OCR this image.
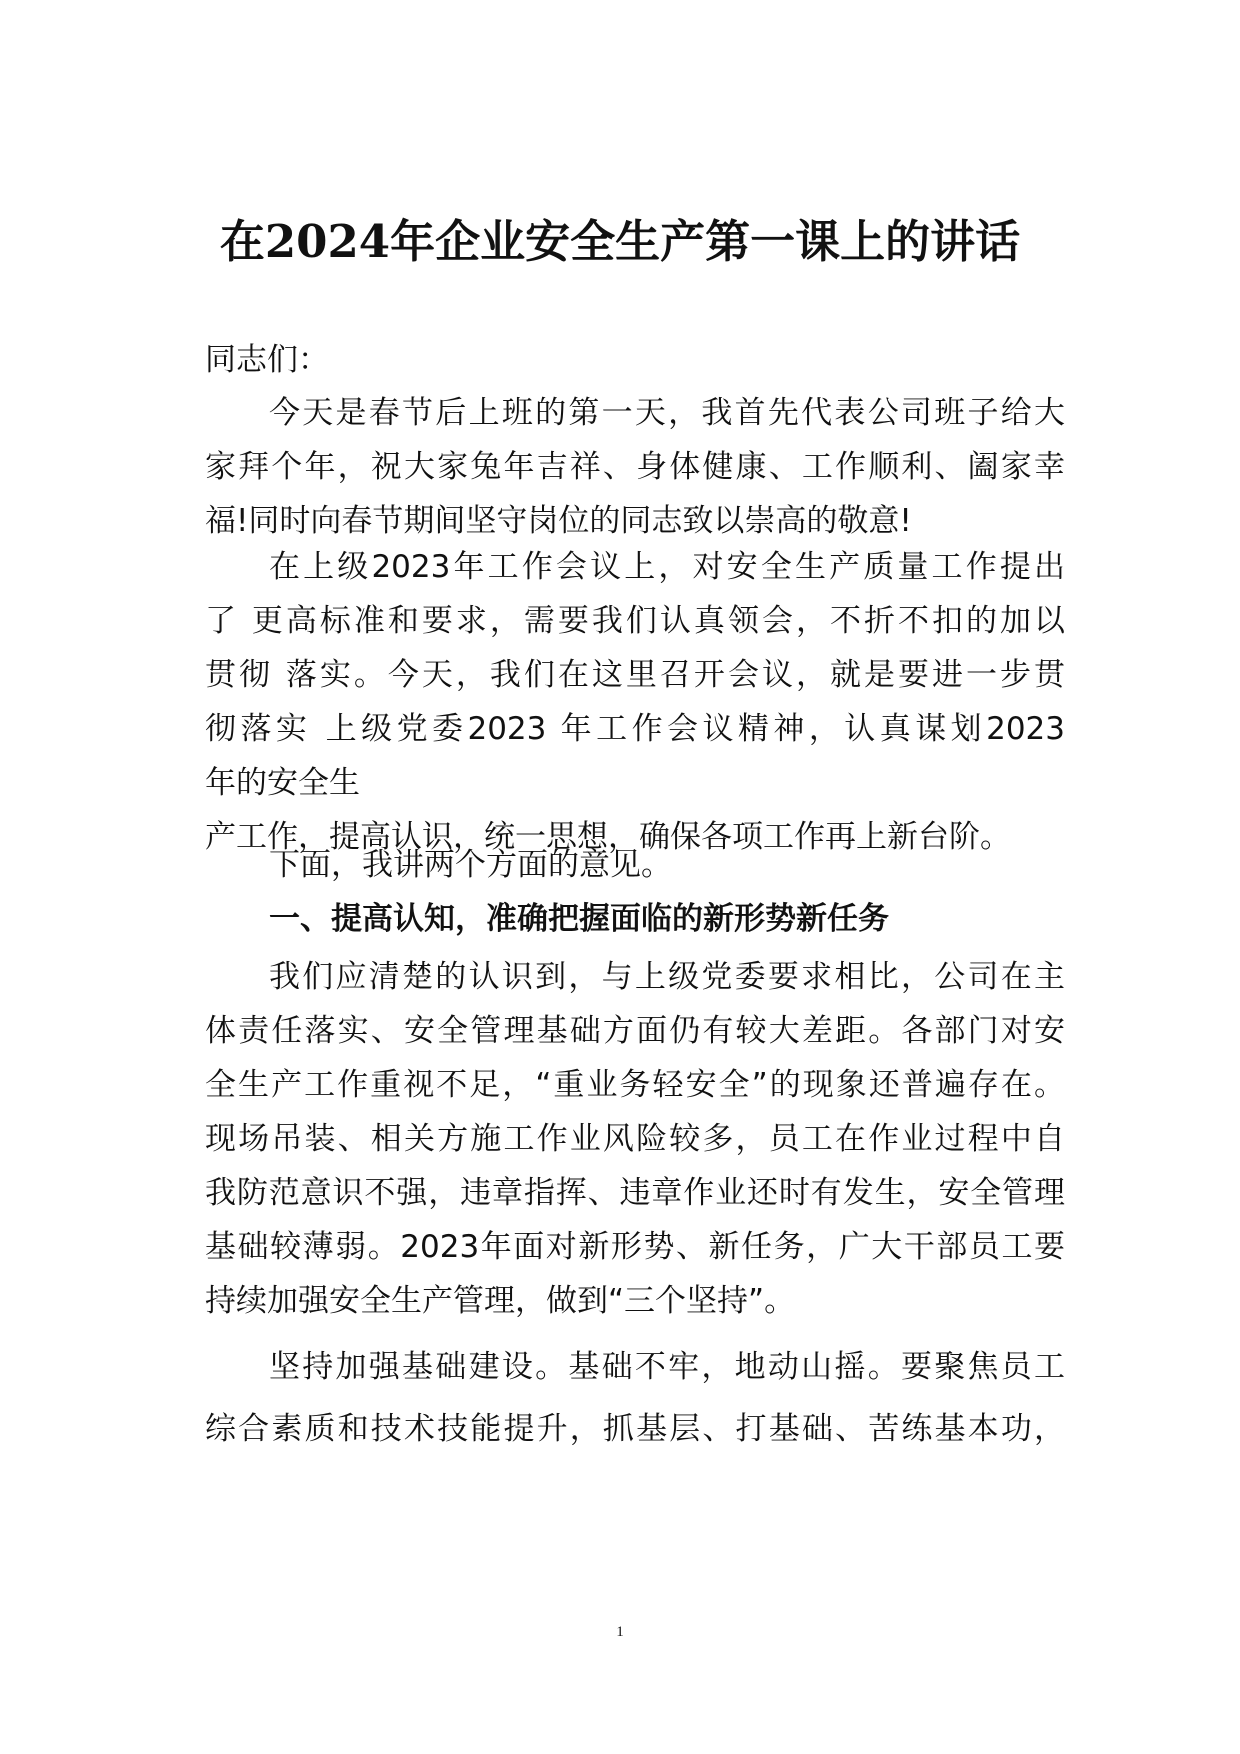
在2024年企业安全生产第一课上的讲话

同志们：

今天是春节后上班的第一天，我首先代表公司班子给大
家拜个年，祝大家兔年吉祥、身体健康、工作顺利、阖家幸
福!同时向春节期间坚守岗位的同志致以崇高的敬意!
在上级2023年工作会议上，对安全生产质量工作提出
了 更高标准和要求，需要我们认真领会，不折不扣的加以
贯彻 落实。今天，我们在这里召开会议，就是要进一步贯
彻落实 上级党委2023 年工作会议精神，认真谋划2023
年的安全生
产工作，提高认识，统一思想，确保各项工作再上新台阶。

下面，我讲两个方面的意见。

一、提高认知，准确把握面临的新形势新任务
我们应清楚的认识到，与上级党委要求相比，公司在主
体责任落实、安全管理基础方面仍有较大差距。各部门对安
全生产工作重视不足，“重业务轻安全”的现象还普遍存在。
现场吊装、相关方施工作业风险较多，员工在作业过程中自
我防范意识不强，违章指挥、违章作业还时有发生，安全管理
基础较薄弱。2023年面对新形势、新任务，广大干部员工要
持续加强安全生产管理，做到“三个坚持”。
坚持加强基础建设。基础不牢，地动山摇。要聚焦员工
综合素质和技术技能提升，抓基层、打基础、苦练基本功，
1
